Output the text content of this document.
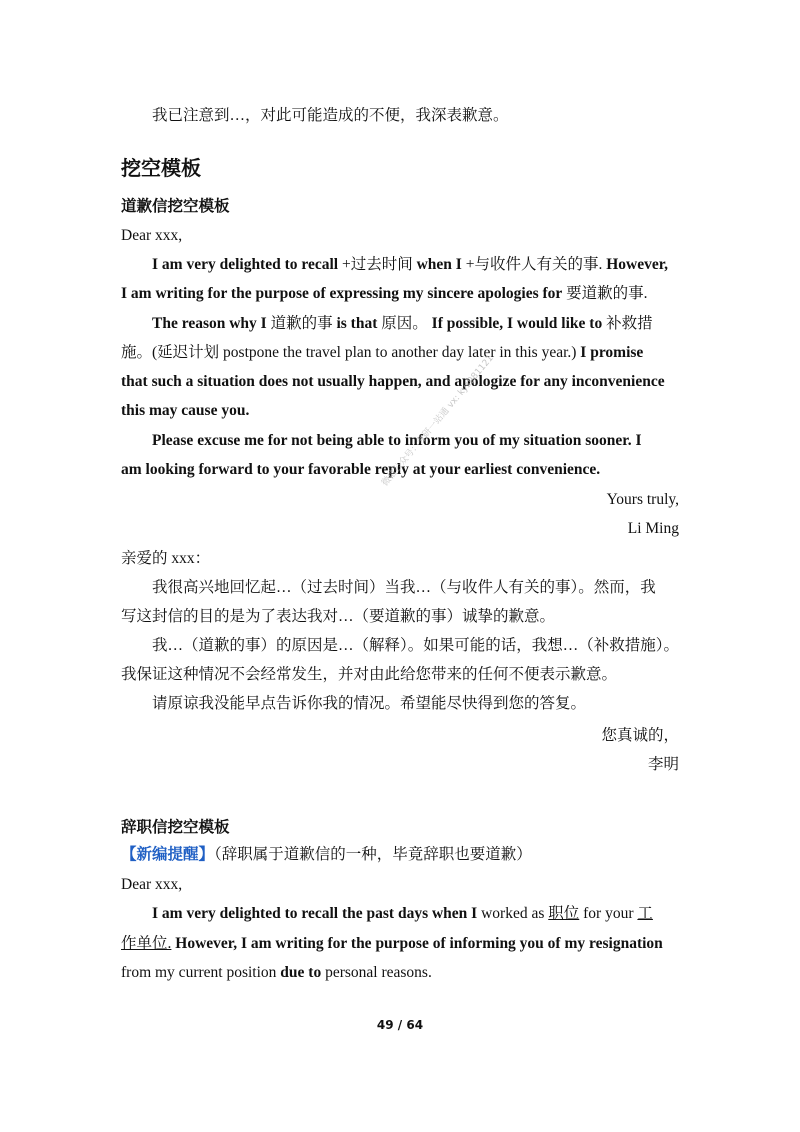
我已注意到…，对此可能造成的不便，我深表歉意。
挖空模板
道歉信挖空模板
Dear xxx,
I am very delighted to recall +过去时间 when I +与收件人有关的事. However,
I am writing for the purpose of expressing my sincere apologies for 要道歉的事.
The reason why I 道歉的事 is that 原因。 If possible, I would like to 补救措
施。(延迟计划 postpone the travel plan to another day later in this year.) I promise
that such a situation does not usually happen, and apologize for any inconvenience
this may cause you.
Please excuse me for not being able to inform you of my situation sooner. I
am looking forward to your favorable reply at your earliest convenience.
Yours truly,
Li Ming
亲爱的 xxx：
我很高兴地回忆起…（过去时间）当我…（与收件人有关的事）。然而，我
写这封信的目的是为了表达我对…（要道歉的事）诚挚的歉意。
我…（道歉的事）的原因是…（解释）。如果可能的话，我想…（补救措施）。
我保证这种情况不会经常发生，并对由此给您带来的任何不便表示歉意。
请原谅我没能早点告诉你我的情况。希望能尽快得到您的答复。
您真诚的，
李明
辞职信挖空模板
【新编提醒】（辞职属于道歉信的一种，毕竟辞职也要道歉）
Dear xxx,
I am very delighted to recall the past days when I worked as 职位 for your 工
作单位. However, I am writing for the purpose of informing you of my resignation
from my current position due to personal reasons.
49 / 64
微信公众号：考研一站通 vx: kys981121
